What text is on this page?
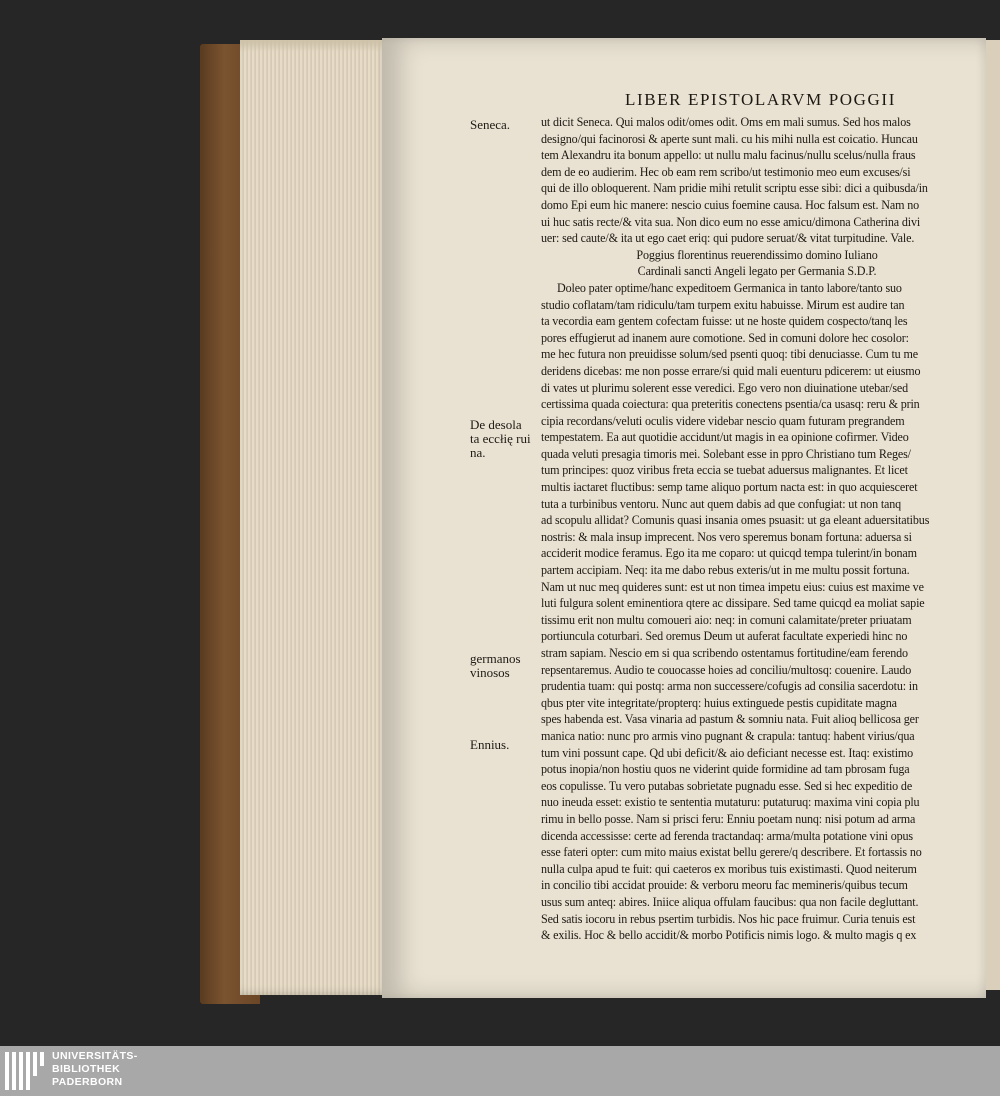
LIBER EPISTOLARVM POGGII

Seneca.

De desola
ta eccłię rui
na.
germanos
vinosos

Ennius.

ut dicit Seneca. Qui malos odit/omes odit. Oms em mali sumus. Sed hos malos
designo/qui facinorosi & aperte sunt mali. cu his mihi nulla est coicatio. Huncau
tem Alexandru ita bonum appello: ut nullu malu facinus/nullu scelus/nulla fraus
dem de eo audierim. Hec ob eam rem scribo/ut testimonio meo eum excuses/si
qui de illo obloquerent. Nam pridie mihi retulit scriptu esse sibi: dici a quibusda/in
domo Epi eum hic manere: nescio cuius foemine causa. Hoc falsum est. Nam no
ui huc satis recte/& vita sua. Non dico eum no esse amicu/dimona Catherina divi
uer: sed caute/& ita ut ego caet eriq: qui pudore seruat/& vitat turpitudine. Vale.
Poggius florentinus reuerendissimo domino Iuliano
Cardinali sancti Angeli legato per Germania S.D.P.
Doleo pater optime/hanc expeditoem Germanica in tanto labore/tanto suo
studio coflatam/tam ridiculu/tam turpem exitu habuisse. Mirum est audire tan
ta vecordia eam gentem cofectam fuisse: ut ne hoste quidem cospecto/tanq les
pores effugierut ad inanem aure comotione. Sed in comuni dolore hec cosolor:
me hec futura non preuidisse solum/sed psenti quoq: tibi denuciasse. Cum tu me
deridens dicebas: me non posse errare/si quid mali euenturu pdicerem: ut eiusmo
di vates ut plurimu solerent esse veredici. Ego vero non diuinatione utebar/sed
certissima quada coiectura: qua preteritis conectens psentia/ca usasq: reru & prin
cipia recordans/veluti oculis videre videbar nescio quam futuram pregrandem
tempestatem. Ea aut quotidie accidunt/ut magis in ea opinione cofirmer. Video
quada veluti presagia timoris mei. Solebant esse in ppro Christiano tum Reges/
tum principes: quoz viribus freta eccia se tuebat aduersus malignantes. Et licet
multis iactaret fluctibus: semp tame aliquo portum nacta est: in quo acquiesceret
tuta a turbinibus ventoru. Nunc aut quem dabis ad que confugiat: ut non tanq
ad scopulu allidat? Comunis quasi insania omes psuasit: ut ga eleant aduersitatibus
nostris: & mala insup imprecent. Nos vero speremus bonam fortuna: aduersa si
acciderit modice feramus. Ego ita me coparo: ut quicqd tempa tulerint/in bonam
partem accipiam. Neq: ita me dabo rebus exteris/ut in me multu possit fortuna.
Nam ut nuc meq quideres sunt: est ut non timea impetu eius: cuius est maxime ve
luti fulgura solent eminentiora qtere ac dissipare. Sed tame quicqd ea moliat sapie
tissimu erit non multu comoueri aio: neq: in comuni calamitate/preter priuatam
portiuncula coturbari. Sed oremus Deum ut auferat facultate experiedi hinc no
stram sapiam. Nescio em si qua scribendo ostentamus fortitudine/eam ferendo
repsentaremus. Audio te couocasse hoies ad conciliu/multosq: couenire. Laudo
prudentia tuam: qui postq: arma non successere/cofugis ad consilia sacerdotu: in
qbus pter vite integritate/propterq: huius extinguede pestis cupiditate magna
spes habenda est. Vasa vinaria ad pastum & somniu nata. Fuit alioq bellicosa ger
manica natio: nunc pro armis vino pugnant & crapula: tantuq: habent virius/qua
tum vini possunt cape. Qd ubi deficit/& aio deficiant necesse est. Itaq: existimo
potus inopia/non hostiu quos ne viderint quide formidine ad tam pbrosam fuga
eos copulisse. Tu vero putabas sobrietate pugnadu esse. Sed si hec expeditio de
nuo ineuda esset: existio te sententia mutaturu: putaturuq: maxima vini copia plu
rimu in bello posse. Nam si prisci feru: Enniu poetam nunq: nisi potum ad arma
dicenda accessisse: certe ad ferenda tractandaq: arma/multa potatione vini opus
esse fateri opter: cum mito maius existat bellu gerere/q describere. Et fortassis no
nulla culpa apud te fuit: qui caeteros ex moribus tuis existimasti. Quod neiterum
in concilio tibi accidat prouide: & verboru meoru fac memineris/quibus tecum
usus sum anteq: abires. Iniice aliqua offulam faucibus: qua non facile degluttant.
Sed satis iocoru in rebus psertim turbidis. Nos hic pace fruimur. Curia tenuis est
& exilis. Hoc & bello accidit/& morbo Potificis nimis logo. & multo magis q ex
UNIVERSITÄTS-
BIBLIOTHEK
PADERBORN
